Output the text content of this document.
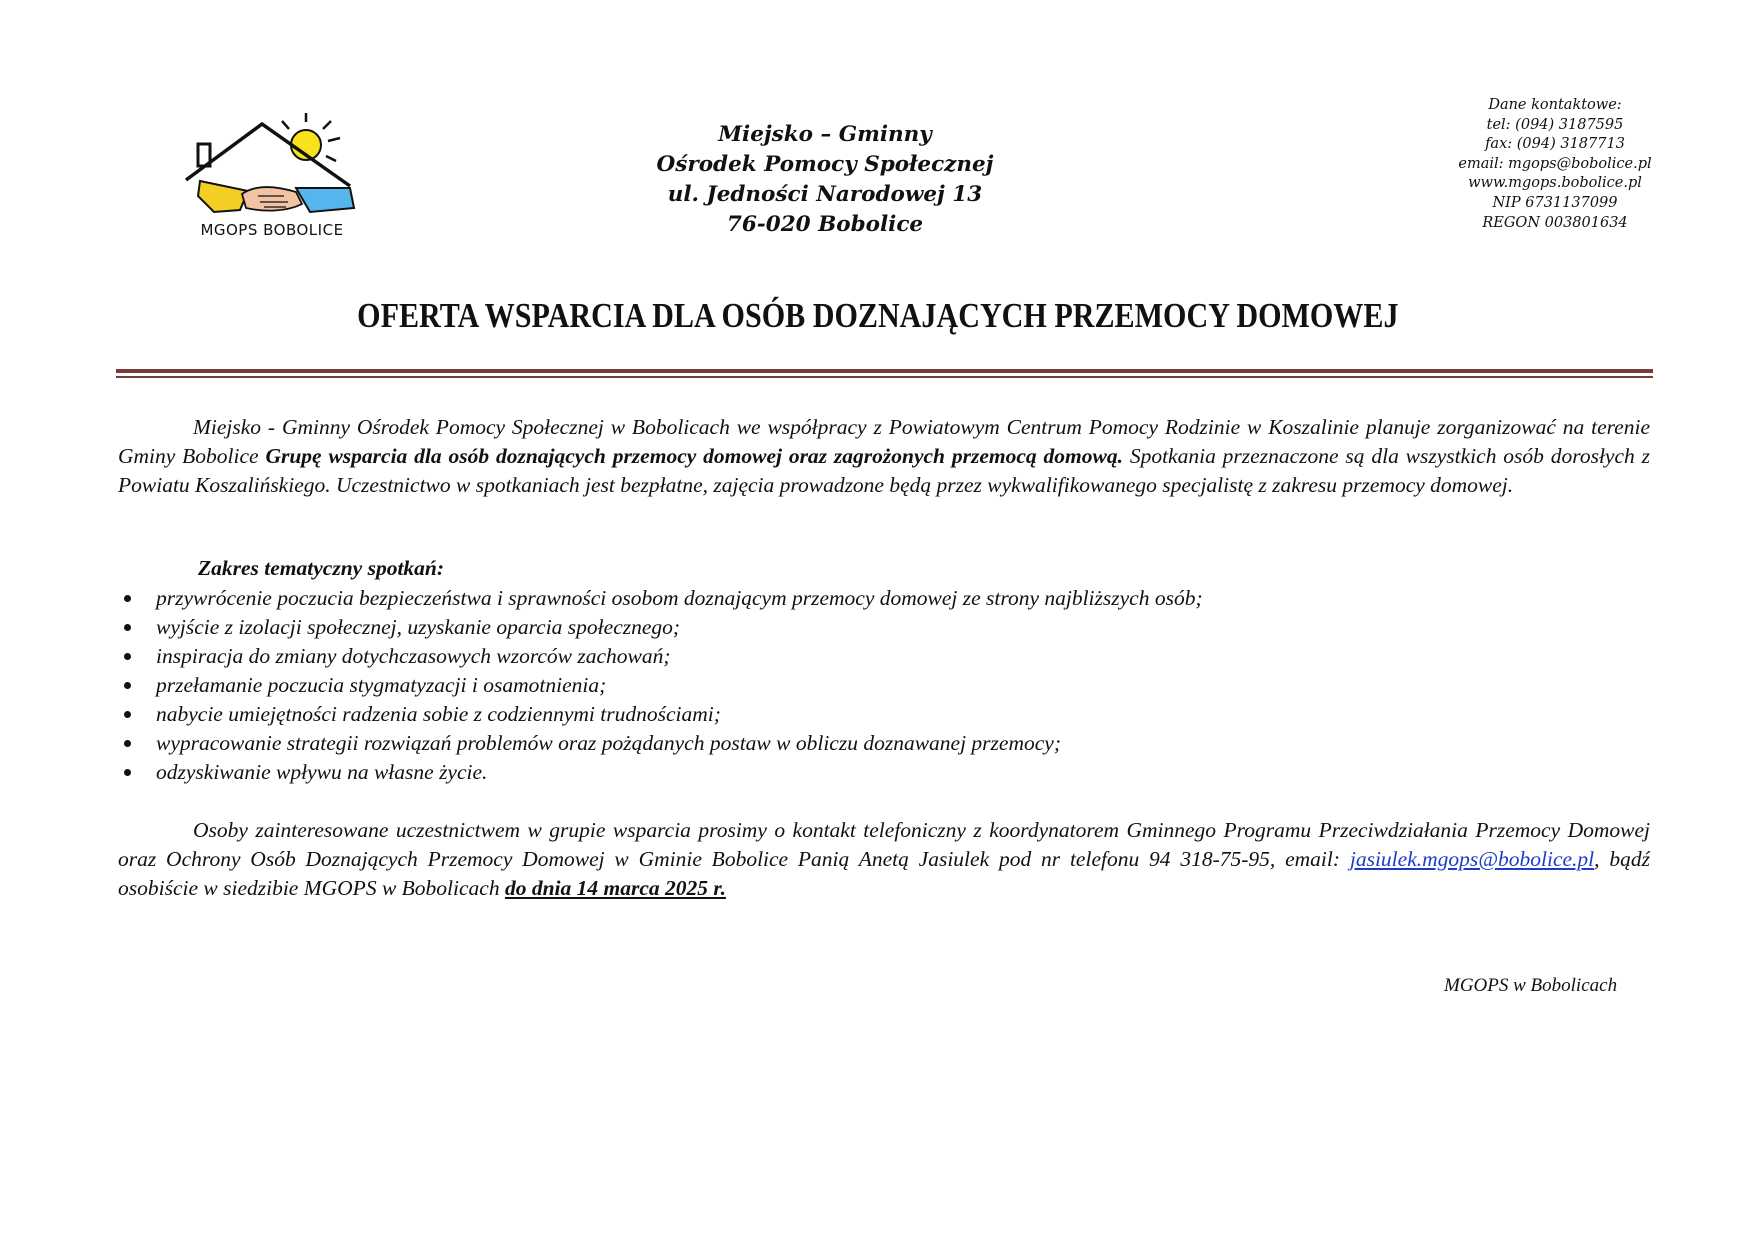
MGOPS BOBOLICE
Miejsko – Gminny
Ośrodek Pomocy Społecznej
ul. Jedności Narodowej 13
76-020 Bobolice
Dane kontaktowe:
tel: (094) 3187595
fax: (094) 3187713
email: mgops@bobolice.pl
www.mgops.bobolice.pl
NIP 6731137099
REGON 003801634
OFERTA WSPARCIA DLA OSÓB DOZNAJĄCYCH PRZEMOCY DOMOWEJ
Miejsko - Gminny Ośrodek Pomocy Społecznej w Bobolicach we współpracy z Powiatowym Centrum Pomocy Rodzinie w Koszalinie planuje zorganizować na terenie Gminy Bobolice Grupę wsparcia dla osób doznających przemocy domowej oraz zagrożonych przemocą domową. Spotkania przeznaczone są dla wszystkich osób dorosłych z Powiatu Koszalińskiego. Uczestnictwo w spotkaniach jest bezpłatne, zajęcia prowadzone będą przez wykwalifikowanego specjalistę z zakresu przemocy domowej.
Zakres tematyczny spotkań:
przywrócenie poczucia bezpieczeństwa i sprawności osobom doznającym przemocy domowej ze strony najbliższych osób;
wyjście z izolacji społecznej, uzyskanie oparcia społecznego;
inspiracja do zmiany dotychczasowych wzorców zachowań;
przełamanie poczucia stygmatyzacji i osamotnienia;
nabycie umiejętności radzenia sobie z codziennymi trudnościami;
wypracowanie strategii rozwiązań problemów oraz pożądanych postaw w obliczu doznawanej przemocy;
odzyskiwanie wpływu na własne życie.
Osoby zainteresowane uczestnictwem w grupie wsparcia prosimy o kontakt telefoniczny z koordynatorem Gminnego Programu Przeciwdziałania Przemocy Domowej oraz Ochrony Osób Doznających Przemocy Domowej w Gminie Bobolice Panią Anetą Jasiulek pod nr telefonu 94 318-75-95, email: jasiulek.mgops@bobolice.pl, bądź osobiście w siedzibie MGOPS w Bobolicach do dnia 14 marca 2025 r.
MGOPS w Bobolicach
